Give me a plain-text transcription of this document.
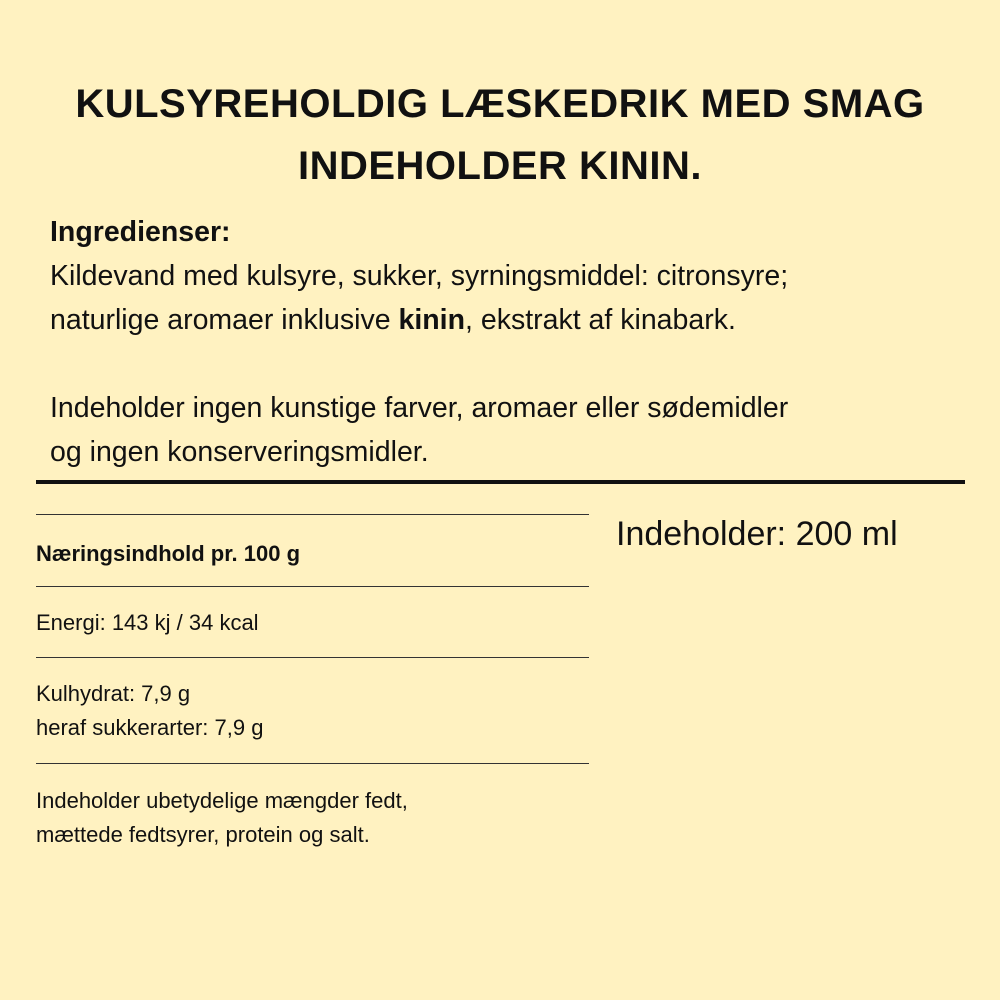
KULSYREHOLDIG LÆSKEDRIK MED SMAG
INDEHOLDER KININ.
Ingredienser:
Kildevand med kulsyre, sukker, syrningsmiddel: citronsyre;
naturlige aromaer inklusive kinin, ekstrakt af kinabark.
Indeholder ingen kunstige farver, aromaer eller sødemidler
og ingen konserveringsmidler.
Næringsindhold pr. 100 g
Energi: 143 kj / 34 kcal
Kulhydrat: 7,9 g
heraf sukkerarter: 7,9 g
Indeholder ubetydelige mængder fedt,
mættede fedtsyrer, protein og salt.
Indeholder: 200 ml
